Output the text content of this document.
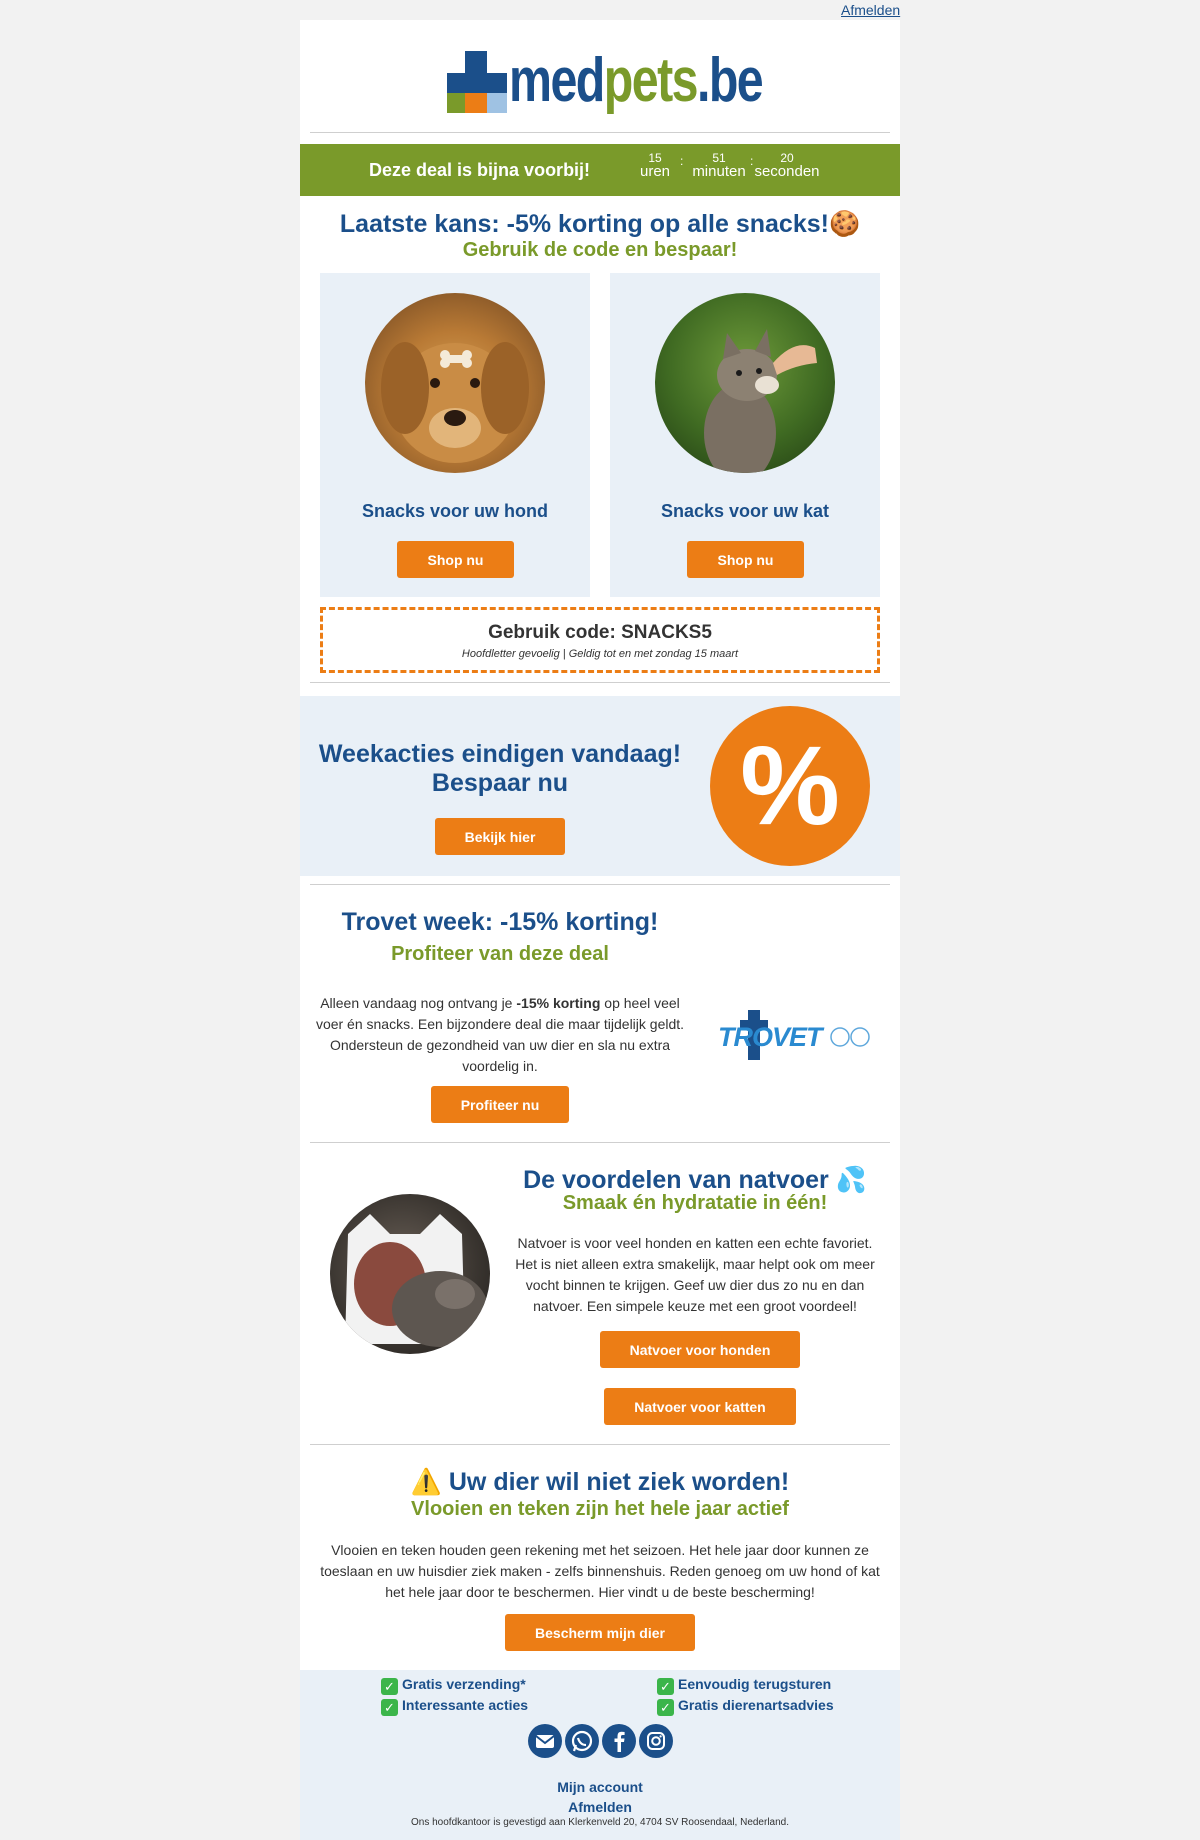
Afmelden
medpets.be
Deze deal is bijna voorbij!
15
uren
:	51
minuten
:	20
seconden
Laatste kans: -5% korting op alle snacks!🍪
Gebruik de code en bespaar!
Snacks voor uw hond
Shop nu
Snacks voor uw kat
Shop nu
Gebruik code: SNACKS5
Hoofdletter gevoelig | Geldig tot en met zondag 15 maart
Weekacties eindigen vandaag!
Bespaar nu
Bekijk hier %
Trovet week: -15% korting!
Profiteer van deze deal
Alleen vandaag nog ontvang je -15% korting op heel veel voer én snacks. Een bijzondere deal die maar tijdelijk geldt. Ondersteun de gezondheid van uw dier en sla nu extra voordelig in.
Profiteer nu
TROVET
De voordelen van natvoer 💦
Smaak én hydratatie in één!
Natvoer is voor veel honden en katten een echte favoriet. Het is niet alleen extra smakelijk, maar helpt ook om meer vocht binnen te krijgen. Geef uw dier dus zo nu en dan natvoer. Een simpele keuze met een groot voordeel!
Natvoer voor honden
Natvoer voor katten
⚠️ Uw dier wil niet ziek worden!
Vlooien en teken zijn het hele jaar actief
Vlooien en teken houden geen rekening met het seizoen. Het hele jaar door kunnen ze toeslaan en uw huisdier ziek maken - zelfs binnenshuis. Reden genoeg om uw hond of kat het hele jaar door te beschermen. Hier vindt u de beste bescherming!
Bescherm mijn dier
✓ Gratis verzending*
✓ Interessante acties
✓ Eenvoudig terugsturen
✓ Gratis dierenartsadvies
Mijn account
Afmelden
Ons hoofdkantoor is gevestigd aan Klerkenveld 20, 4704 SV Roosendaal, Nederland.
